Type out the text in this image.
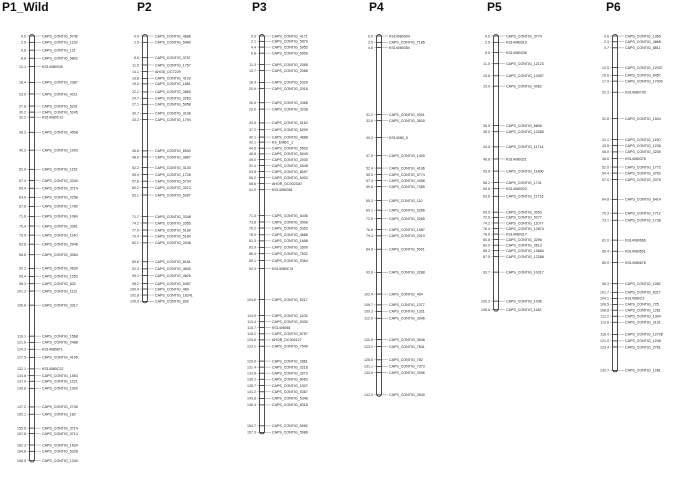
0.0	CAPS_CONTIG_5746
2.5	CAPS_CONTIG_1139
5.6	CAPS_CONTIG_121
8.8	CAPS_CONTIG_5802
12.1	KS14080339
18.4	CAPS_CONTIG_2387
23.0	CAPS_CONTIG_4211
27.8	CAPS_CONTIG_5231
30.2	CAPS_CONTIG_5245
32.2	KS14080C12
38.2	CAPS_CONTIG_4508
45.3	CAPS_CONTIG_1003
52.9	CAPS_CONTIG_1152
57.4	CAPS_CONTIG_3340
60.4	CAPS_CONTIG_3714
64.0	CAPS_CONTIG_2258
67.6	CAPS_CONTIG_1780
71.6	CAPS_CONTIG_1084
75.4	CAPS_CONTIG_3361
79.0	CAPS_CONTIG_1140
82.6	CAPS_CONTIG_2048
86.8	CAPS_CONTIG_3084
92.2	CAPS_CONTIG_0639
95.4	CAPS_CONTIG_1353
98.3	CAPS_CONTIG_632
101.2	CAPS_CONTIG_1112
106.8	CAPS_CONTIG_3317
119.1	CAPS_CONTIG_1568
121.6	CAPS_CONTIG_2488
124.3	KS14080871
127.5	CAPS_CONTIG_4105
132.1	KS14080C22
134.8	CAPS_CONTIG_1563
137.0	CAPS_CONTIG_1221
139.8	CAPS_CONTIG_1020
147.2	CAPS_CONTIG_2740
150.1	CAPS_CONTIG_182
155.6	CAPS_CONTIG_3714
157.8	CAPS_CONTIG_3714
162.3	CAPS_CONTIG_1634
164.8	CAPS_CONTIG_5328
168.5	CAPS_CONTIG_1340
0.0	CAPS_CONTIG_4688
2.5	CAPS_CONTIG_5489
8.6	CAPS_CONTIG_3757
11.5	CAPS_CONTIG_1757
14.1	AHOD_DC7229
16.8	CAPS_CONTIG_4103
19.0	CAPS_CONTIG_1851
22.2	CAPS_CONTIG_3869
24.7	CAPS_CONTIG_3263
27.1	CAPS_CONTIG_5958
30.7	CAPS_CONTIG_3108
33.2	CAPS_CONTIG_1794
45.6	CAPS_CONTIG_6553
48.0	CAPS_CONTIG_3867
52.2	CAPS_CONTIG_3130
55.0	CAPS_CONTIG_1728
57.6	CAPS_CONTIG_5734
60.2	CAPS_CONTIG_3213
63.1	CAPS_CONTIG_5287
71.7	CAPS_CONTIG_3348
74.2	CAPS_CONTIG_3365
77.0	CAPS_CONTIG_5180
79.4	CAPS_CONTIG_5184
82.1	CAPS_CONTIG_3346
89.6	CAPS_CONTIG_5181
92.4	CAPS_CONTIG_4840
95.1	CAPS_CONTIG_4825
98.2	CAPS_CONTIG_5457
100.4	CAPS_CONTIG_460
102.8	CAPS_CONTIG_18241
105.3	CAPS_CONTIG_830
0.0	CAPS_CONTIG_4171
2.1	CAPS_CONTIG_5879
4.4	CAPS_CONTIG_5953
6.8	CAPS_CONTIG_5959
11.3	CAPS_CONTIG_2085
13.7	CAPS_CONTIG_2088
18.4	CAPS_CONTIG_5329
20.9	CAPS_CONTIG_2018
26.5	CAPS_CONTIG_3468
29.0	CAPS_CONTIG_3238
34.5	CAPS_CONTIG_5163
37.2	CAPS_CONTIG_5209
40.1	CAPS_CONTIG_4888
42.1	KS_EMBC_1
44.5	CAPS_CONTIG_5503
46.8	CAPS_CONTIG_5049
49.0	CAPS_CONTIG_2030
51.4	CAPS_CONTIG_3548
53.8	CAPS_CONTIG_6097
56.2	CAPS_CONTIG_5402
58.6	AHOR_DC002340
61.0	KS14080381
71.3	CAPS_CONTIG_5436
73.8	CAPS_CONTIG_3008
76.2	CAPS_CONTIG_5353
78.9	CAPS_CONTIG_4686
81.3	CAPS_CONTIG_1658
83.9	CAPS_CONTIG_3500
86.4	CAPS_CONTIG_7532
89.1	CAPS_CONTIG_5364
92.3	KS14080C74
104.6	CAPS_CONTIG_5217
110.9	CAPS_CONTIG_1105
113.4	CAPS_CONTIG_5330
115.7	KS1408081
118.2	CAPS_CONTIG_8757
120.6	AHOR_DC004127
123.1	CAPS_CONTIG_7540
129.0	CAPS_CONTIG_2861
131.4	CAPS_CONTIG_3218
133.8	CAPS_CONTIG_3273
136.2	CAPS_CONTIG_6063
138.7	CAPS_CONTIG_1007
141.2	CAPS_CONTIG_5367
143.8	CAPS_CONTIG_5346
146.4	CAPS_CONTIG_8318
154.7	CAPS_CONTIG_5082
157.3	CAPS_CONTIG_5086
0.0	KS14080304
2.5	CAPS_CONTIG_7185
4.6	KS14080354
31.2	CAPS_CONTIG_3001
33.6	CAPS_CONTIG_3630
40.3	KS14080_5
47.5	CAPS_CONTIG_1400
52.4	CAPS_CONTIG_4196
55.0	CAPS_CONTIG_5774
57.4	CAPS_CONTIG_4358
59.8	CAPS_CONTIG_7385
65.3	CAPS_CONTIG_110
69.1	CAPS_CONTIG_3266
72.5	CAPS_CONTIG_3265
76.8	CAPS_CONTIG_1587
79.3	CAPS_CONTIG_2019
84.6	CAPS_CONTIG_5001
93.8	CAPS_CONTIG_3288
102.4	CAPS_CONTIG_494
106.7	CAPS_CONTIG_1377
109.3	CAPS_CONTIG_1331
112.0	CAPS_CONTIG_3346
120.5	CAPS_CONTIG_3948
123.2	CAPS_CONTIG_7841
128.5	CAPS_CONTIG_782
131.1	CAPS_CONTIG_7373
133.6	CAPS_CONTIG_3096
142.4	CAPS_CONTIG_3540
0.0	CAPS_CONTIG_3774
2.5	KS14080310
6.6	KS14080336
11.0	CAPS_CONTIG_12123
15.8	CAPS_CONTIG_13457
19.9	CAPS_CONTIG_0062
35.5	CAPS_CONTIG_6806
38.0	CAPS_CONTIG_12385
44.0	CAPS_CONTIG_11714
48.8	KS14080321
53.6	CAPS_CONTIG_11890
58.2	CAPS_CONTIG_1741
60.6	KS14080323
63.6	CAPS_CONTIG_11716
69.9	CAPS_CONTIG_3053
72.0	CAPS_CONTIG_5277
74.2	CAPS_CONTIG_11077
76.4	CAPS_CONTIG_12874
78.6	KS14080317
80.8	CAPS_CONTIG_3296
83.0	CAPS_CONTIG_3613
85.2	CAPS_CONTIG_13684
87.5	CAPS_CONTIG_12288
93.7	CAPS_CONTIG_10317
105.2	CAPS_CONTIG_1036
108.6	CAPS_CONTIG_1182
0.0	CAPS_CONTIG_1365
2.3	CAPS_CONTIG_4866
4.7	CAPS_CONTIG_8811
12.5	CAPS_CONTIG_12037
15.6	CAPS_CONTIG_8457
17.9	CAPS_CONTIG_17000
22.3	KS14080730
32.8	CAPS_CONTIG_1504
41.1	CAPS_CONTIG_1150
43.5	CAPS_CONTIG_1236
46.0	CAPS_CONTIG_3205
48.6	KS14080378
52.0	CAPS_CONTIG_1772
54.4	CAPS_CONTIG_3763
57.0	CAPS_CONTIG_3375
64.8	CAPS_CONTIG_6414
70.3	CAPS_CONTIG_1712
73.1	CAPS_CONTIG_1738
81.0	KS14080666
85.4	KS14080501
89.9	KS14080676
98.3	CAPS_CONTIG_1082
101.7	CAPS_CONTIG_8317
104.1	KS14080C3
106.5	CAPS_CONTIG_725
108.8	CAPS_CONTIG_1261
111.2	CAPS_CONTIG_1304
113.6	CAPS_CONTIG_3101
118.4	CAPS_CONTIG_12708
121.0	CAPS_CONTIG_1248
123.4	CAPS_CONTIG_2781
132.7	CAPS_CONTIG_1281
P1_Wild	P2	P3	P4	P5	P6
